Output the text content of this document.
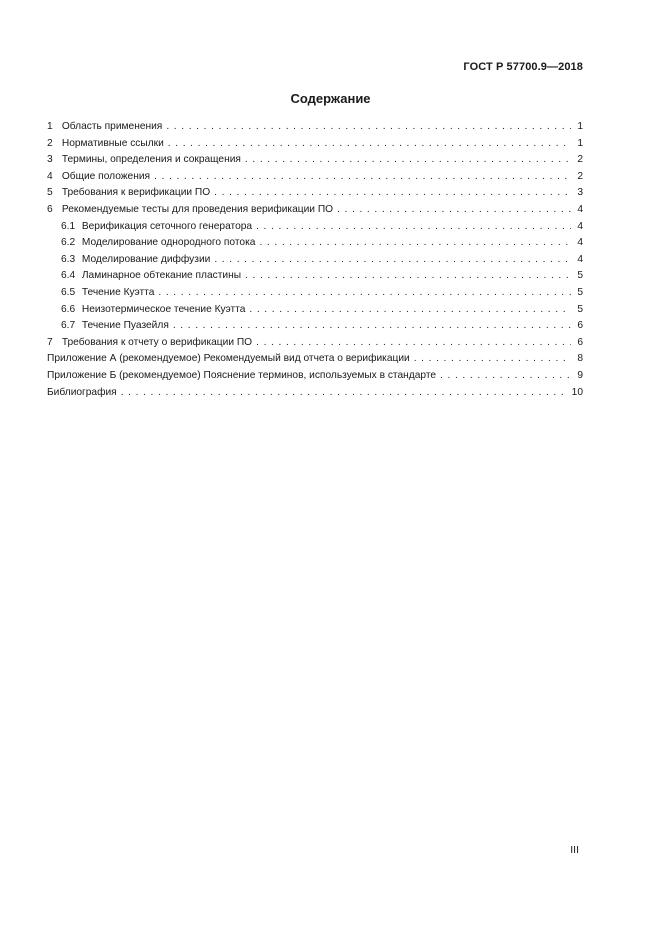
ГОСТ Р 57700.9—2018
Содержание
1 Область применения . . .	1
2 Нормативные ссылки . . .	1
3 Термины, определения и сокращения . . .	2
4 Общие положения . . .	2
5 Требования к верификации ПО . . .	3
6 Рекомендуемые тесты для проведения верификации ПО . . .	4
6.1 Верификация сеточного генератора . . .	4
6.2 Моделирование однородного потока . . .	4
6.3 Моделирование диффузии . . .	4
6.4 Ламинарное обтекание пластины . . .	5
6.5 Течение Куэтта . . .	5
6.6 Неизотермическое течение Куэтта . . .	5
6.7 Течение Пуазейля . . .	6
7 Требования к отчету о верификации ПО . . .	6
Приложение А (рекомендуемое) Рекомендуемый вид отчета о верификации . . .	8
Приложение Б (рекомендуемое) Пояснение терминов, используемых в стандарте . . .	9
Библиография . . .	10
III
